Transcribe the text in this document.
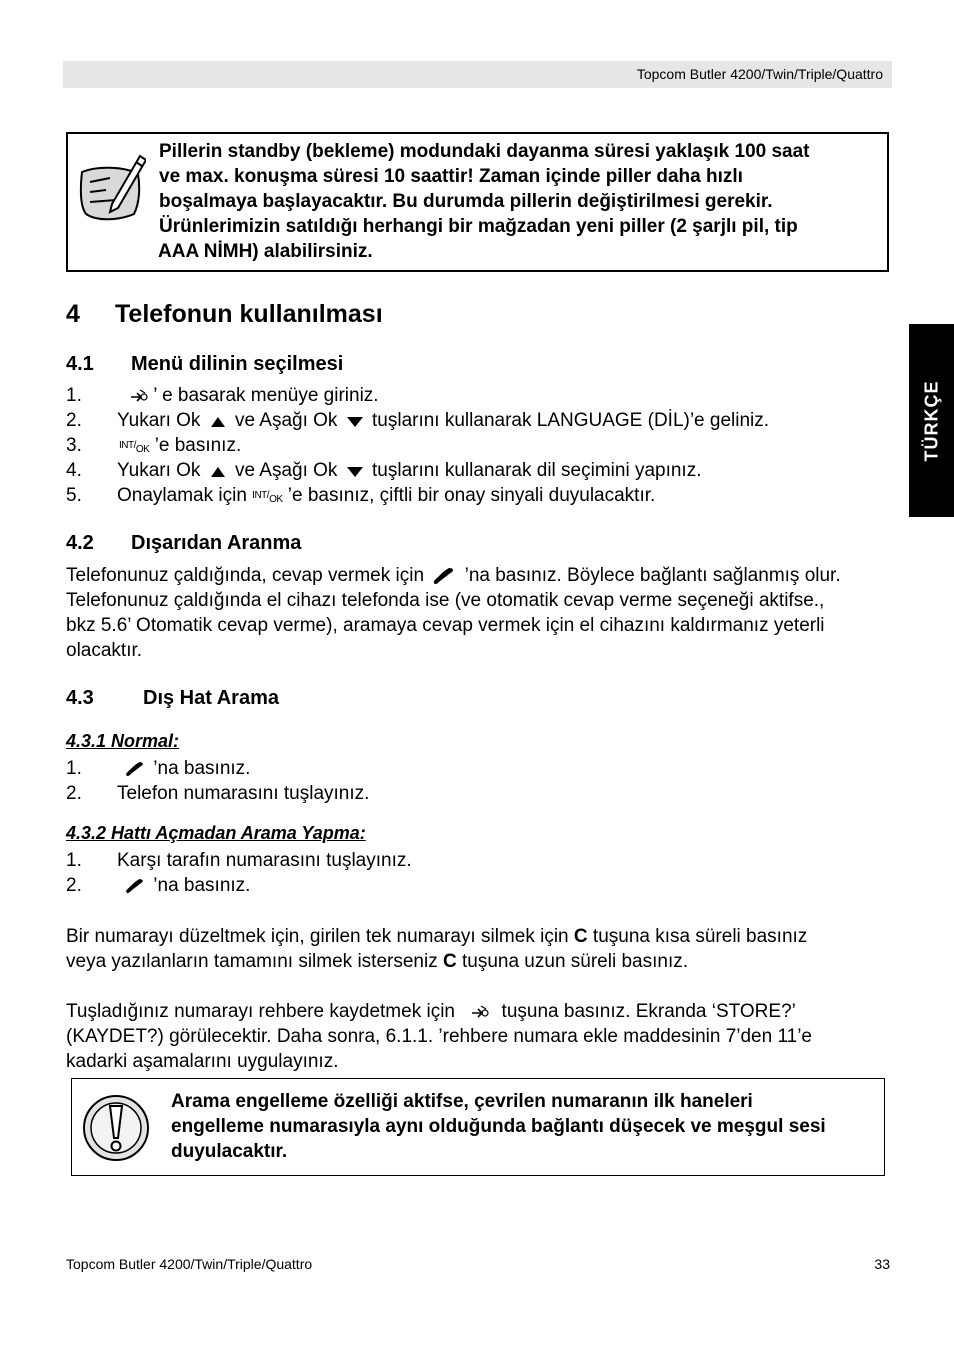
Topcom Butler 4200/Twin/Triple/Quattro
TÜRKÇE
Pillerin standby (bekleme) modundaki dayanma süresi yaklaşık 100 saat
ve max. konuşma süresi 10 saattir! Zaman içinde piller daha hızlı
boşalmaya başlayacaktır. Bu durumda pillerin değiştirilmesi gerekir.
Ürünlerimizin satıldığı herhangi bir mağzadan yeni piller (2 şarjlı pil, tip
AAA NİMH) alabilirsiniz.
4 Telefonun kullanılması
4.1 Menü dilinin seçilmesi
1.	’ e basarak menüye giriniz.
2. Yukarı Ok ve Aşağı Ok tuşlarını kullanarak LANGUAGE (DİL)’e geliniz.
3.	INT/OK ’e basınız.
4. Yukarı Ok ve Aşağı Ok tuşlarını kullanarak dil seçimini yapınız.
5. Onaylamak için INT/OK ’e basınız, çiftli bir onay sinyali duyulacaktır.
4.2 Dışarıdan Aranma
Telefonunuz çaldığında, cevap vermek için ’na basınız. Böylece bağlantı sağlanmış olur.
Telefonunuz çaldığında el cihazı telefonda ise (ve otomatik cevap verme seçeneği aktifse.,
bkz 5.6’ Otomatik cevap verme), aramaya cevap vermek için el cihazını kaldırmanız yeterli
olacaktır.
4.3 Dış Hat Arama
4.3.1 Normal:
1.	’na basınız.
2. Telefon numarasını tuşlayınız.
4.3.2 Hattı Açmadan Arama Yapma:
1. Karşı tarafın numarasını tuşlayınız.
2.	’na basınız.
Bir numarayı düzeltmek için, girilen tek numarayı silmek için C tuşuna kısa süreli basınız
veya yazılanların tamamını silmek isterseniz C tuşuna uzun süreli basınız.
Tuşladığınız numarayı rehbere kaydetmek için tuşuna basınız. Ekranda ‘STORE?’
(KAYDET?) görülecektir. Daha sonra, 6.1.1. ’rehbere numara ekle maddesinin 7’den 11’e
kadarki aşamalarını uygulayınız.
Arama engelleme özelliği aktifse, çevrilen numaranın ilk haneleri
engelleme numarasıyla aynı olduğunda bağlantı düşecek ve meşgul sesi
duyulacaktır.
Topcom Butler 4200/Twin/Triple/Quattro	33
